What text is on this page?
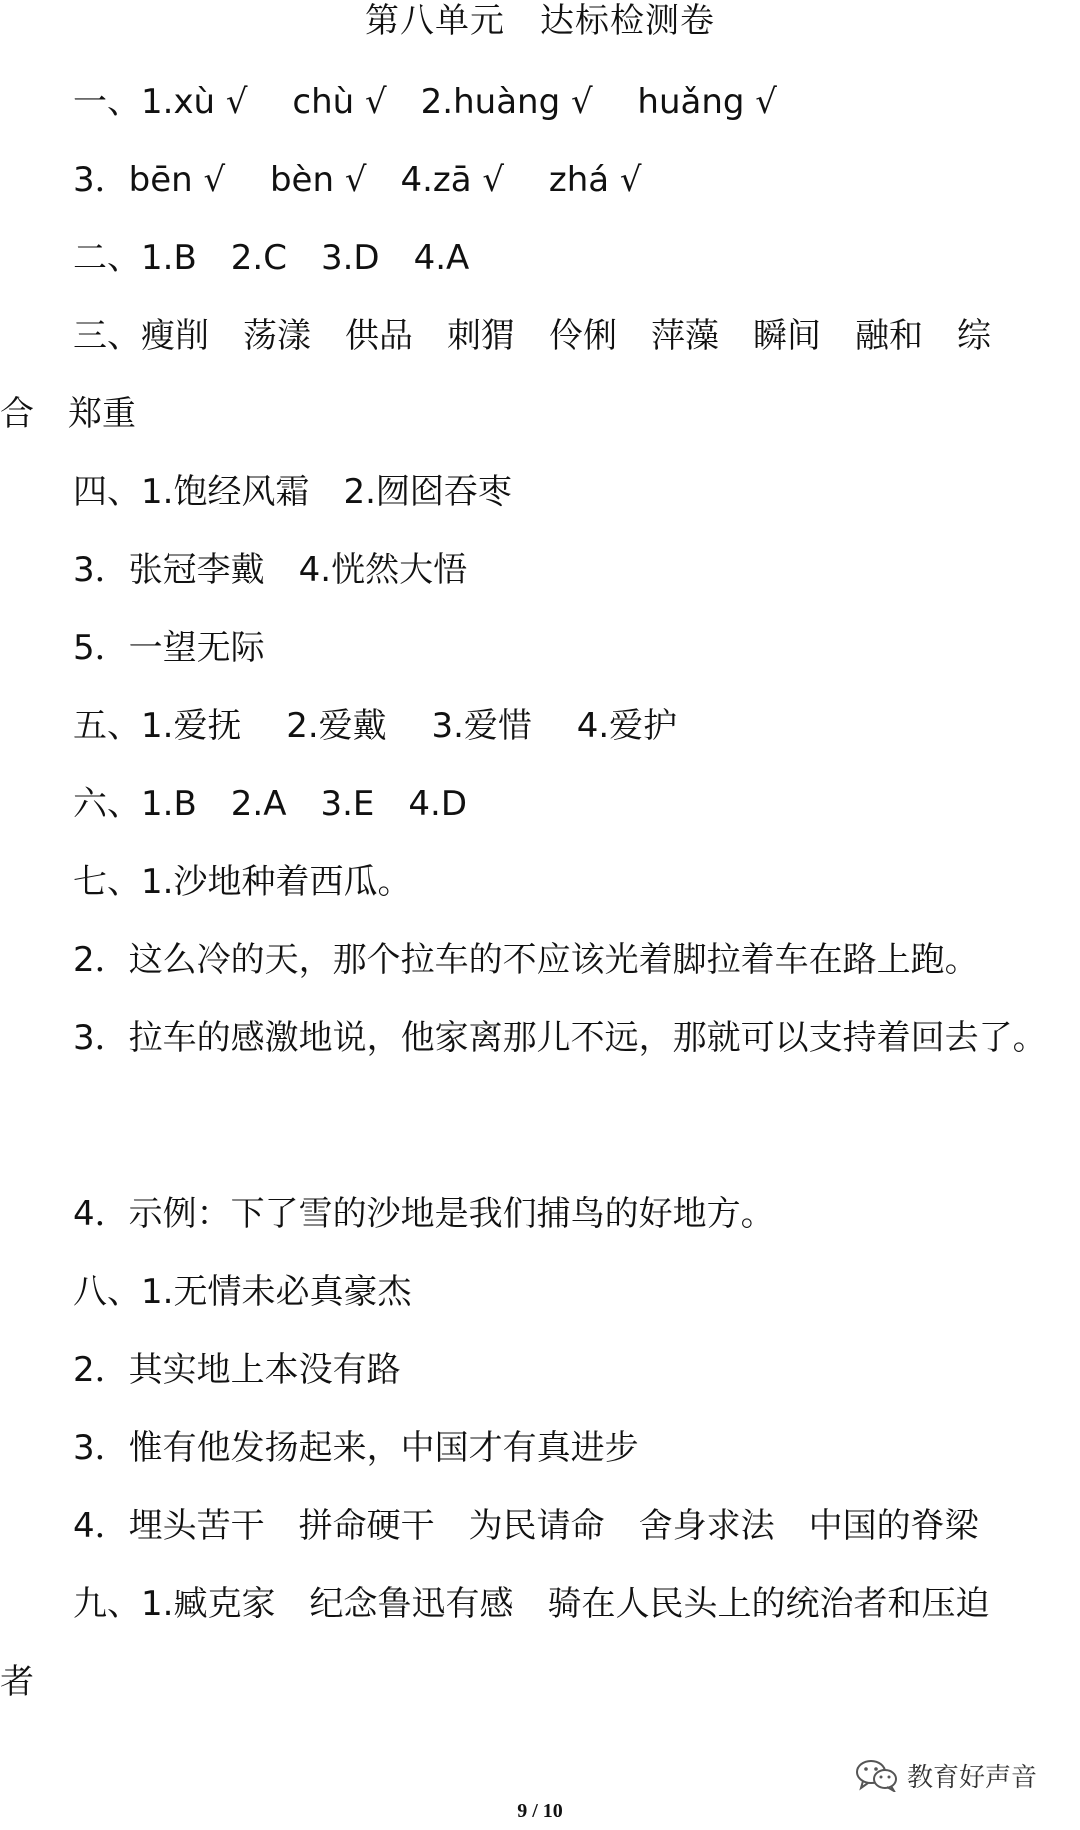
第八单元　达标检测卷
一、1.xù √　 chù √　2.huàng √　 huǎng √
3．bēn √　 bèn √　4.zā √　 zhá √
二、1.B　2.C　3.D　4.A
三、瘦削　荡漾　供品　刺猬　伶俐　萍藻　瞬间　融和　综
合　郑重
四、1.饱经风霜　2.囫囵吞枣
3．张冠李戴　4.恍然大悟
5．一望无际
五、1.爱抚　 2.爱戴　 3.爱惜　 4.爱护
六、1.B　2.A　3.E　4.D
七、1.沙地种着西瓜。
2．这么冷的天，那个拉车的不应该光着脚拉着车在路上跑。
3．拉车的感激地说，他家离那儿不远，那就可以支持着回去了。
4．示例：下了雪的沙地是我们捕鸟的好地方。
八、1.无情未必真豪杰
2．其实地上本没有路
3．惟有他发扬起来，中国才有真进步
4．埋头苦干　拼命硬干　为民请命　舍身求法　中国的脊梁
九、1.臧克家　纪念鲁迅有感　骑在人民头上的统治者和压迫
者
教育好声音
9 / 10
